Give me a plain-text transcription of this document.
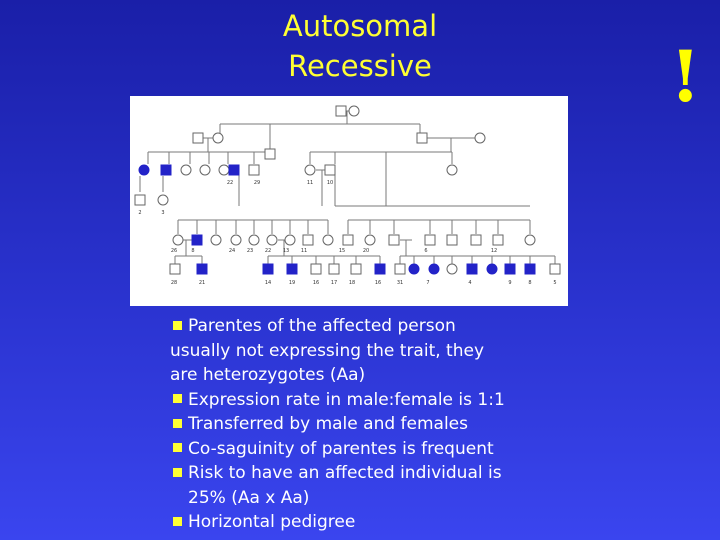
Autosomal
Recessive	!
22	29
2	3
11	10
26	8	24 23 22 13 11	15	20	6	12
28	21	14	19	16 17 18	16	31	7	4	9	8	5
Parentes of the affected person
usually not expressing the trait, they
are heterozygotes (Aa)
Expression rate in male:female is 1:1
Transferred by male and females
Co-saguinity of parentes is frequent
Risk to have an affected individual is
25% (Aa x Aa)
Horizontal pedigree
